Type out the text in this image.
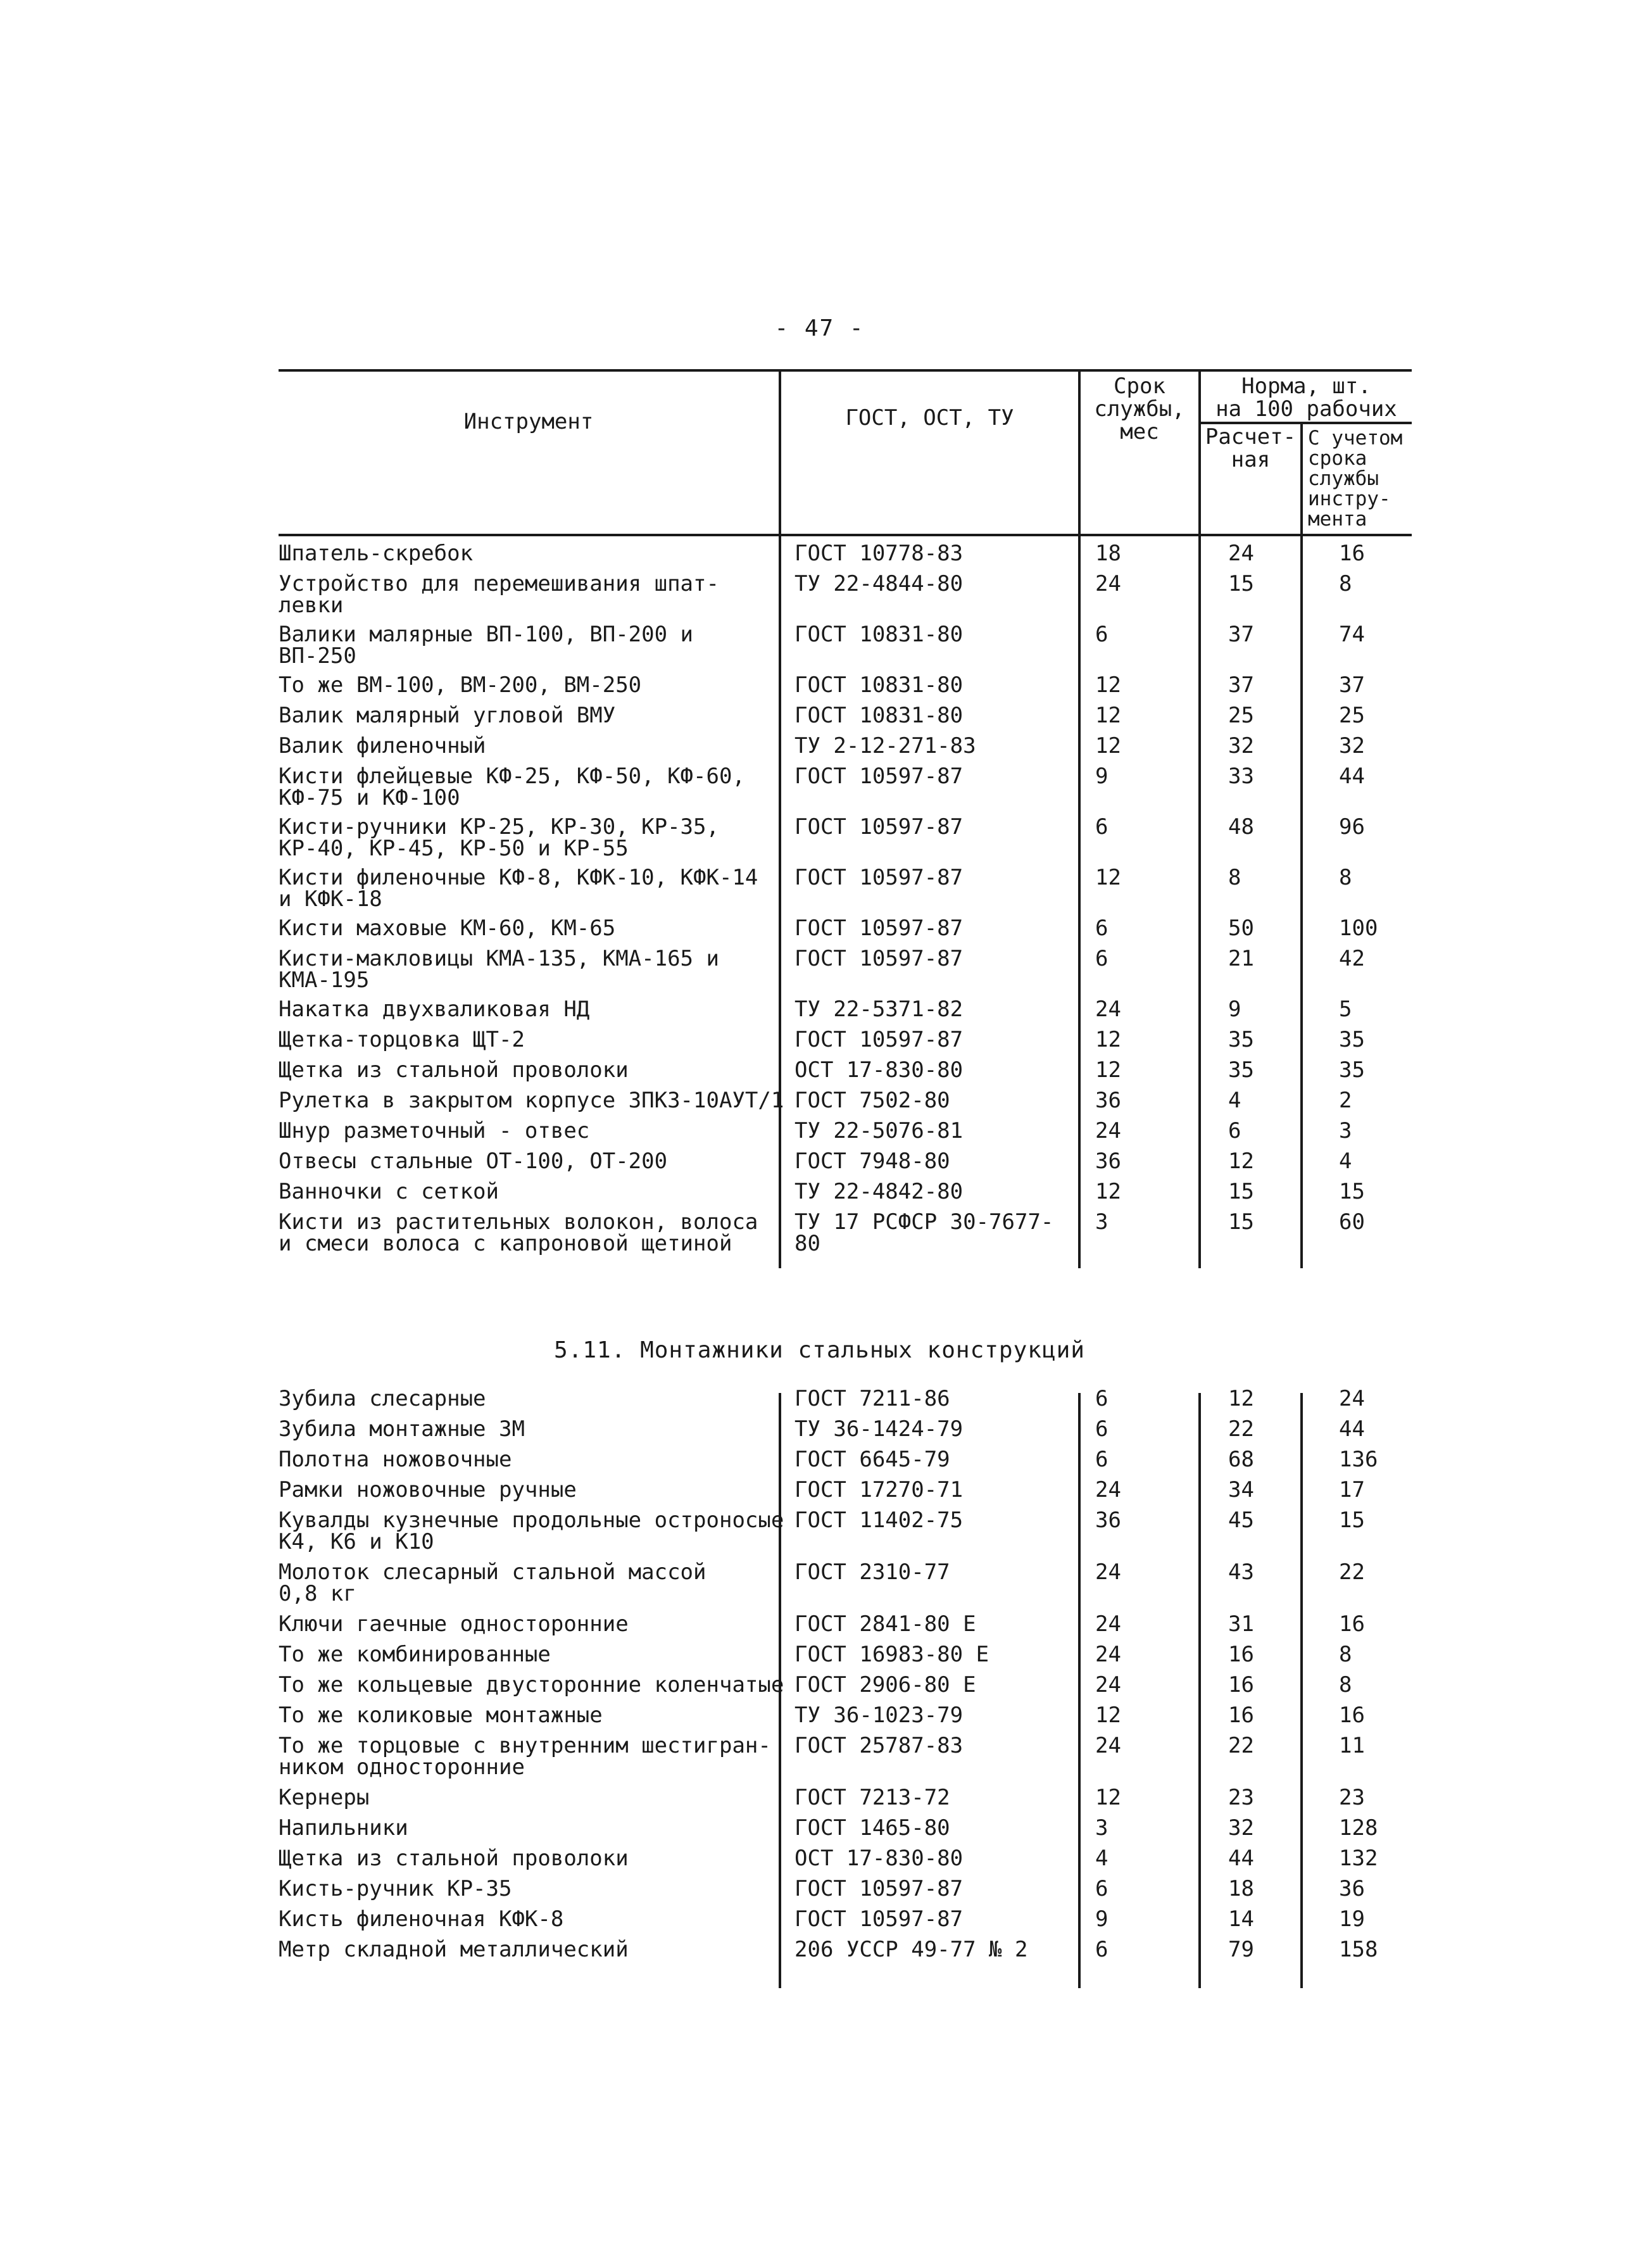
- 47 -
Инструмент	ГОСТ, ОСТ, ТУ
Срок
службы,
мес
Норма, шт.
на 100 рабочих
Расчет-
ная
С учетом
срока
службы
инстру-
мента
Шпатель-скребок	ГОСТ 10778-83	18	24	16
Устройство для перемешивания шпат-
левки
ТУ 22-4844-80	24	15	8
Валики малярные ВП-100, ВП-200 и
ВП-250
ГОСТ 10831-80	6	37	74
То же ВМ-100, ВМ-200, ВМ-250	ГОСТ 10831-80	12	37	37
Валик малярный угловой ВМУ	ГОСТ 10831-80	12	25	25
Валик филеночный	ТУ 2-12-271-83	12	32	32
Кисти флейцевые КФ-25, КФ-50, КФ-60,
КФ-75 и КФ-100
ГОСТ 10597-87	9	33	44
Кисти-ручники КР-25, КР-30, КР-35,
КР-40, КР-45, КР-50 и КР-55
ГОСТ 10597-87	6	48	96
Кисти филеночные КФ-8, КФК-10, КФК-14
и КФК-18
ГОСТ 10597-87	12	8	8
Кисти маховые КМ-60, КМ-65	ГОСТ 10597-87	6	50	100
Кисти-макловицы КМА-135, КМА-165 и
КМА-195
ГОСТ 10597-87	6	21	42
Накатка двухваликовая НД	ТУ 22-5371-82	24	9	5
Щетка-торцовка ЩТ-2	ГОСТ 10597-87	12	35	35
Щетка из стальной проволоки	ОСТ 17-830-80	12	35	35
Рулетка в закрытом корпусе ЗПКЗ-10АУТ/1 ГОСТ 7502-80	36	4	2
Шнур разметочный - отвес	ТУ 22-5076-81	24	6	3
Отвесы стальные ОТ-100, ОТ-200	ГОСТ 7948-80	36	12	4
Ванночки с сеткой	ТУ 22-4842-80	12	15	15
Кисти из растительных волокон, волоса
и смеси волоса с капроновой щетиной
ТУ 17 РСФСР 30-7677-80
3	15	60
5.11. Монтажники стальных конструкций
Зубила слесарные	ГОСТ 7211-86	6	12	24
Зубила монтажные ЗМ	ТУ 36-1424-79	6	22	44
Полотна ножовочные	ГОСТ 6645-79	6	68	136
Рамки ножовочные ручные	ГОСТ 17270-71	24	34	17
Кувалды кузнечные продольные остроносые
К4, К6 и К10
ГОСТ 11402-75	36	45	15
Молоток слесарный стальной массой
0,8 кг
ГОСТ 2310-77	24	43	22
Ключи гаечные односторонние	ГОСТ 2841-80 Е	24	31	16
То же комбинированные	ГОСТ 16983-80 Е	24	16	8
То же кольцевые двусторонние коленчатые ГОСТ 2906-80 Е	24	16	8
То же коликовые монтажные	ТУ 36-1023-79	12	16	16
То же торцовые с внутренним шестигран-
ником односторонние
ГОСТ 25787-83	24	22	11
Кернеры	ГОСТ 7213-72	12	23	23
Напильники	ГОСТ 1465-80	3	32	128
Щетка из стальной проволоки	ОСТ 17-830-80	4	44	132
Кисть-ручник КР-35	ГОСТ 10597-87	6	18	36
Кисть филеночная КФК-8	ГОСТ 10597-87	9	14	19
Метр складной металлический	206 УССР 49-77 № 2	6	79	158
